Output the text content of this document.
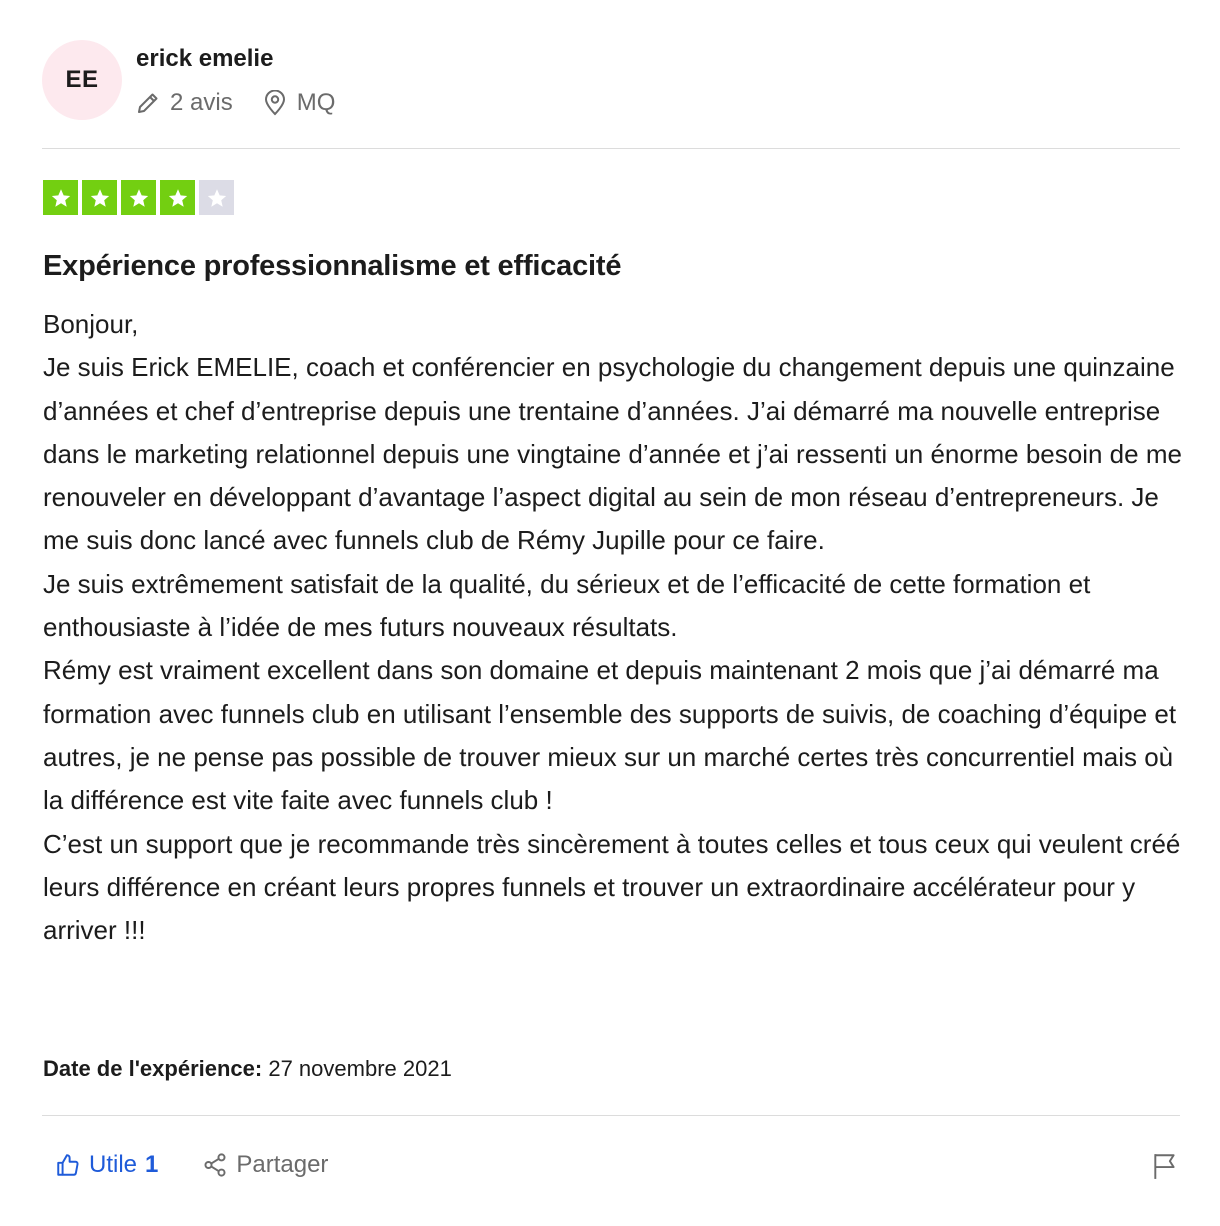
EE
erick emelie
2 avis	MQ
Expérience professionnalisme et efficacité

Bonjour,
Je suis Erick EMELIE, coach et conférencier en psychologie du changement depuis une quinzaine d’années et chef d’entreprise depuis une trentaine d’années. J’ai démarré ma nouvelle entreprise dans le marketing relationnel depuis une vingtaine d’année et j’ai ressenti un énorme besoin de me renouveler en développant d’avantage l’aspect digital au sein de mon réseau d’entrepreneurs. Je me suis donc lancé avec funnels club de Rémy Jupille pour ce faire.
Je suis extrêmement satisfait de la qualité, du sérieux et de l’efficacité de cette formation et enthousiaste à l’idée de mes futurs nouveaux résultats.
Rémy est vraiment excellent dans son domaine et depuis maintenant 2 mois que j’ai démarré ma formation avec funnels club en utilisant l’ensemble des supports de suivis, de coaching d’équipe et autres, je ne pense pas possible de trouver mieux sur un marché certes très concurrentiel mais où la différence est vite faite avec funnels club !
C’est un support que je recommande très sincèrement à toutes celles et tous ceux qui veulent créé leurs différence en créant leurs propres funnels et trouver un extraordinaire accélérateur pour y arriver !!!

Date de l'expérience: 27 novembre 2021

Utile 1	Partager
